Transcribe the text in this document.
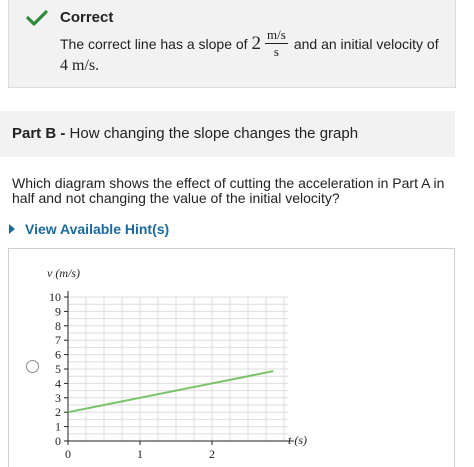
Correct
The correct line has a slope of $2 \frac{m/s}{s}$ and an initial velocity of
4 m/s.
Part B - How changing the slope changes the graph
Which diagram shows the effect of cutting the acceleration in Part A in half and not changing the value of the initial velocity?
View Available Hint(s)
0
1
2
3
4
5
6
7
8
9
10
0	1	2
v (m/s)
t (s)
